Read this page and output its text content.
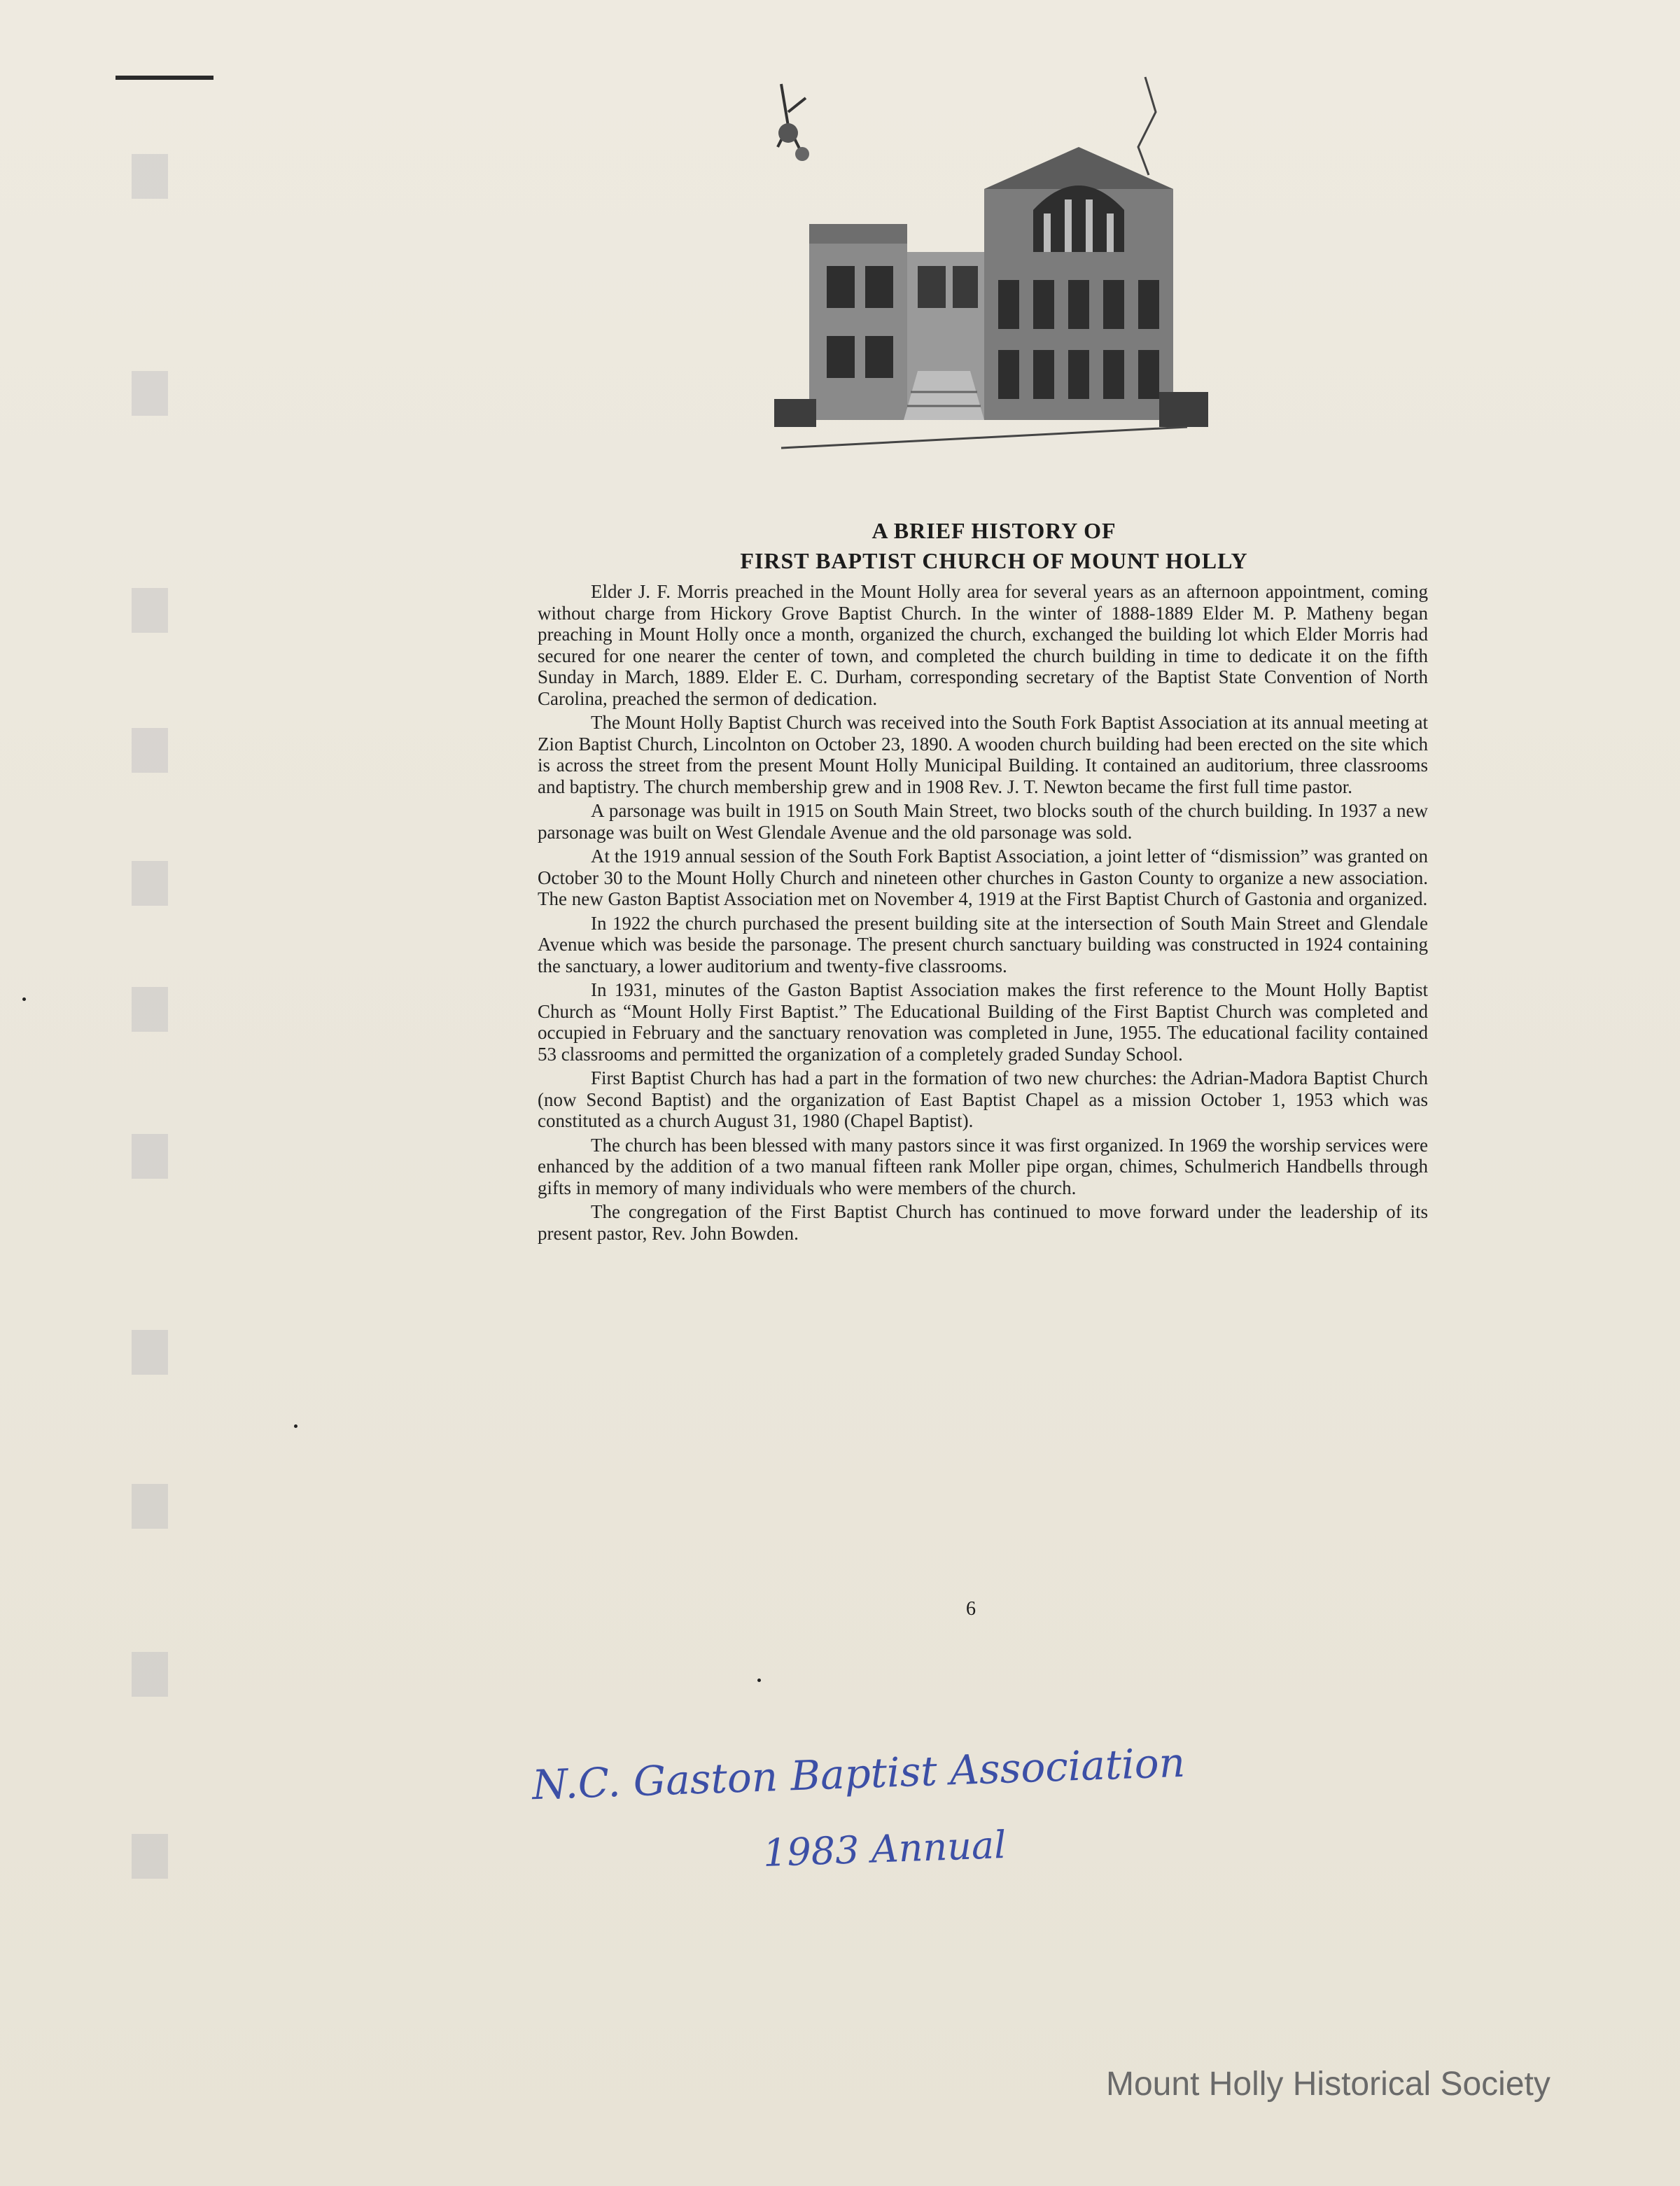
A BRIEF HISTORY OF
FIRST BAPTIST CHURCH OF MOUNT HOLLY

Elder J. F. Morris preached in the Mount Holly area for several years as an afternoon appointment, coming without charge from Hickory Grove Baptist Church. In the winter of 1888-1889 Elder M. P. Matheny began preaching in Mount Holly once a month, organized the church, exchanged the building lot which Elder Morris had secured for one nearer the center of town, and completed the church building in time to dedicate it on the fifth Sunday in March, 1889. Elder E. C. Durham, corresponding secretary of the Baptist State Convention of North Carolina, preached the sermon of dedication.

The Mount Holly Baptist Church was received into the South Fork Baptist Association at its annual meeting at Zion Baptist Church, Lincolnton on October 23, 1890. A wooden church building had been erected on the site which is across the street from the present Mount Holly Municipal Building. It contained an auditorium, three classrooms and baptistry. The church membership grew and in 1908 Rev. J. T. Newton became the first full time pastor.

A parsonage was built in 1915 on South Main Street, two blocks south of the church building. In 1937 a new parsonage was built on West Glendale Avenue and the old parsonage was sold.

At the 1919 annual session of the South Fork Baptist Association, a joint letter of “dismission” was granted on October 30 to the Mount Holly Church and nineteen other churches in Gaston County to organize a new association. The new Gaston Baptist Association met on November 4, 1919 at the First Baptist Church of Gastonia and organized.

In 1922 the church purchased the present building site at the intersection of South Main Street and Glendale Avenue which was beside the parsonage. The present church sanctuary building was constructed in 1924 containing the sanctuary, a lower auditorium and twenty-five classrooms.

In 1931, minutes of the Gaston Baptist Association makes the first reference to the Mount Holly Baptist Church as “Mount Holly First Baptist.” The Educational Building of the First Baptist Church was completed and occupied in February and the sanctuary renovation was completed in June, 1955. The educational facility contained 53 classrooms and permitted the organization of a completely graded Sunday School.

First Baptist Church has had a part in the formation of two new churches: the Adrian-Madora Baptist Church (now Second Baptist) and the organization of East Baptist Chapel as a mission October 1, 1953 which was constituted as a church August 31, 1980 (Chapel Baptist).

The church has been blessed with many pastors since it was first organized. In 1969 the worship services were enhanced by the addition of a two manual fifteen rank Moller pipe organ, chimes, Schulmerich Handbells through gifts in memory of many individuals who were members of the church.

The congregation of the First Baptist Church has continued to move forward under the leadership of its present pastor, Rev. John Bowden.

6
N.C. Gaston Baptist Association
1983 Annual
Mount Holly Historical Society
